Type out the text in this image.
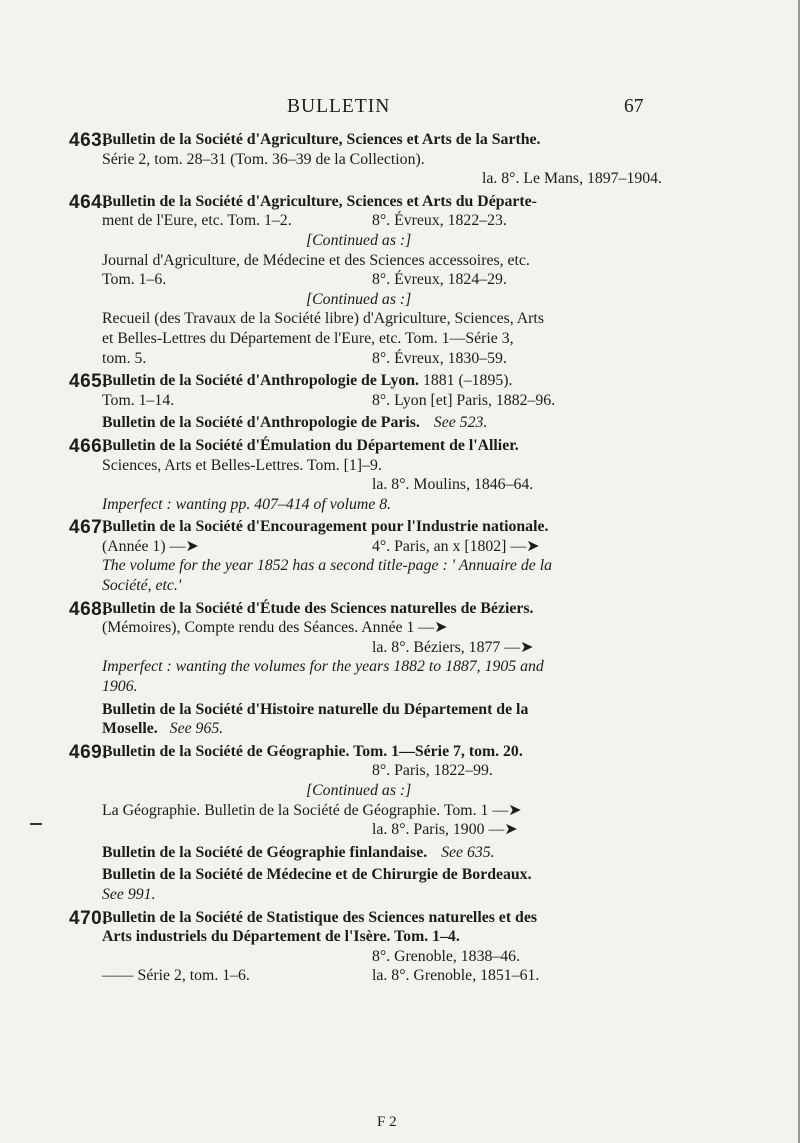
BULLETIN	67
463.
Bulletin de la Société d'Agriculture, Sciences et Arts de la Sarthe.
Série 2, tom. 28–31 (Tom. 36–39 de la Collection).
la. 8°. Le Mans, 1897–1904.
464.
Bulletin de la Société d'Agriculture, Sciences et Arts du Départe-
ment de l'Eure, etc. Tom. 1–2.	8°. Évreux, 1822–23.
[Continued as :]
Journal d'Agriculture, de Médecine et des Sciences accessoires, etc.
Tom. 1–6.	8°. Évreux, 1824–29.
[Continued as :]
Recueil (des Travaux de la Société libre) d'Agriculture, Sciences, Arts
et Belles-Lettres du Département de l'Eure, etc. Tom. 1—Série 3,
tom. 5.	8°. Évreux, 1830–59.
465.
Bulletin de la Société d'Anthropologie de Lyon. 1881 (–1895).
Tom. 1–14.	8°. Lyon [et] Paris, 1882–96.
Bulletin de la Société d'Anthropologie de Paris. See 523.
466.
Bulletin de la Société d'Émulation du Département de l'Allier.
Sciences, Arts et Belles-Lettres. Tom. [1]–9.
la. 8°. Moulins, 1846–64.
Imperfect : wanting pp. 407–414 of volume 8.
467.
Bulletin de la Société d'Encouragement pour l'Industrie nationale.
(Année 1) —➤	4°. Paris, an x [1802] —➤
The volume for the year 1852 has a second title-page : ' Annuaire de la
Société, etc.'
468.
Bulletin de la Société d'Étude des Sciences naturelles de Béziers.
(Mémoires), Compte rendu des Séances. Année 1 —➤
la. 8°. Béziers, 1877 —➤
Imperfect : wanting the volumes for the years 1882 to 1887, 1905 and
1906.
Bulletin de la Société d'Histoire naturelle du Département de la
Moselle. See 965.
469.
Bulletin de la Société de Géographie. Tom. 1—Série 7, tom. 20.
8°. Paris, 1822–99.
[Continued as :]
La Géographie. Bulletin de la Société de Géographie. Tom. 1 —➤
la. 8°. Paris, 1900 —➤
Bulletin de la Société de Géographie finlandaise. See 635.
Bulletin de la Société de Médecine et de Chirurgie de Bordeaux.
See 991.
470.
Bulletin de la Société de Statistique des Sciences naturelles et des
Arts industriels du Département de l'Isère. Tom. 1–4.
8°. Grenoble, 1838–46.
—— Série 2, tom. 1–6.	la. 8°. Grenoble, 1851–61.
F 2
